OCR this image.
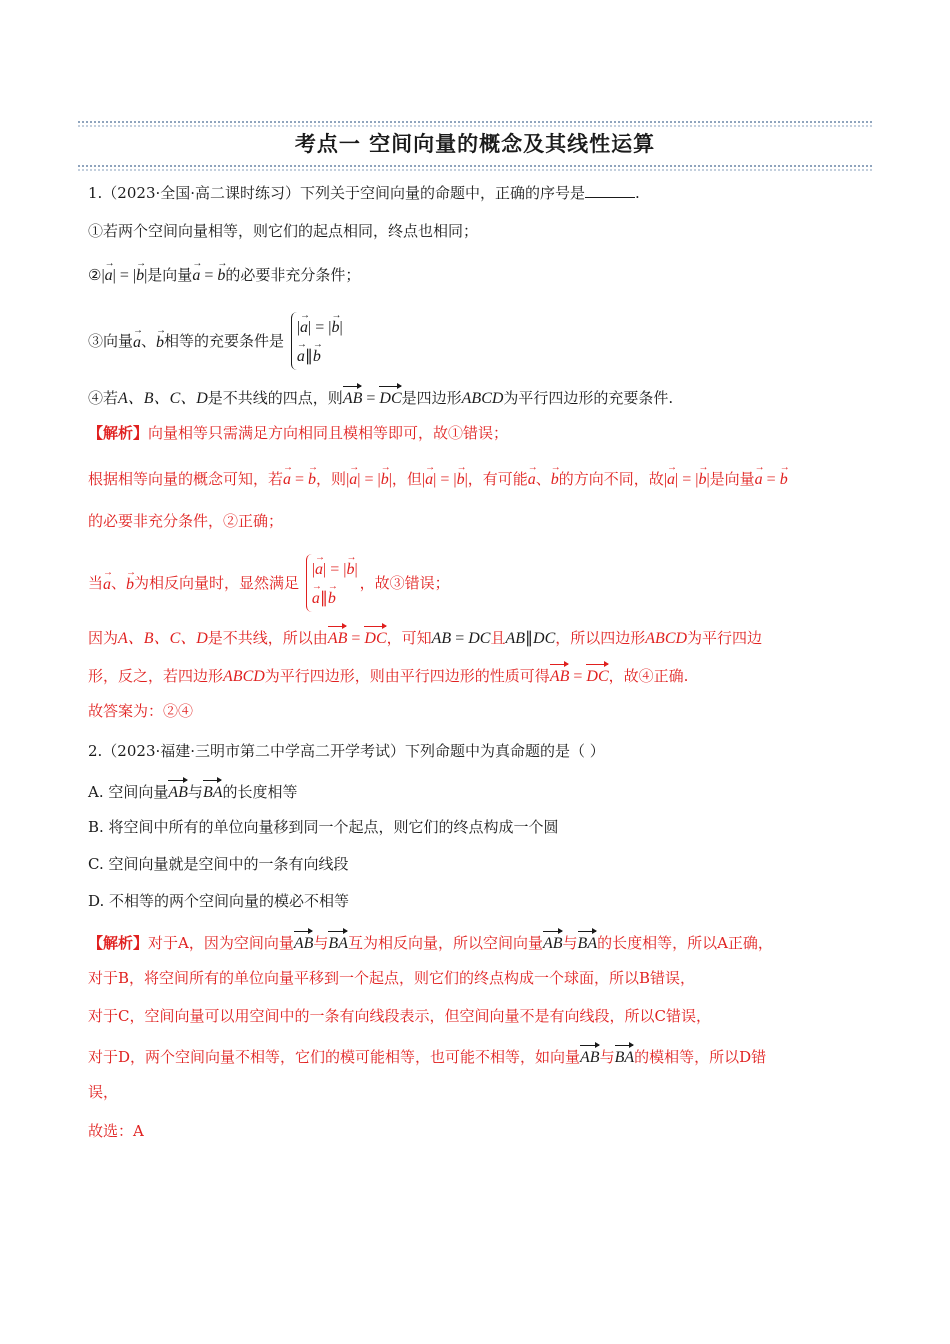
考点一 空间向量的概念及其线性运算
1.（2023·全国·高二课时练习）下列关于空间向量的命题中，正确的序号是	.
①若两个空间向量相等，则它们的起点相同，终点也相同；
②|a →| = |b →|是向量a → = b →的必要非充分条件；
③向量a →、b →相等的充要条件是 |a →| = |b →|
a →∥b →
④若A、B、C、D是不共线的四点，则AB = DC是四边形ABCD为平行四边形的充要条件.
【解析】向量相等只需满足方向相同且模相等即可，故①错误；
根据相等向量的概念可知，若a → = b →，则|a →| = |b →|，但|a →| = |b →|，有可能a →、b →的方向不同，故|a →| = |b →|是向量a → = b →
的必要非充分条件，②正确；
当a →、b →为相反向量时，显然满足 |a →| = |b →|
a →∥b →，故③错误；
因为A、B、C、D是不共线，所以由AB = DC，可知AB = DC且AB∥DC，所以四边形ABCD为平行四边
形，反之，若四边形ABCD为平行四边形，则由平行四边形的性质可得AB = DC，故④正确.
故答案为：②④
2.（2023·福建·三明市第二中学高二开学考试）下列命题中为真命题的是（ ）
A. 空间向量AB与BA的长度相等
B. 将空间中所有的单位向量移到同一个起点，则它们的终点构成一个圆
C. 空间向量就是空间中的一条有向线段
D. 不相等的两个空间向量的模必不相等
【解析】对于A，因为空间向量AB与BA互为相反向量，所以空间向量AB与BA的长度相等，所以A正确，
对于B，将空间所有的单位向量平移到一个起点，则它们的终点构成一个球面，所以B错误，
对于C，空间向量可以用空间中的一条有向线段表示，但空间向量不是有向线段，所以C错误，
对于D，两个空间向量不相等，它们的模可能相等，也可能不相等，如向量AB与BA的模相等，所以D错
误，
故选：A
